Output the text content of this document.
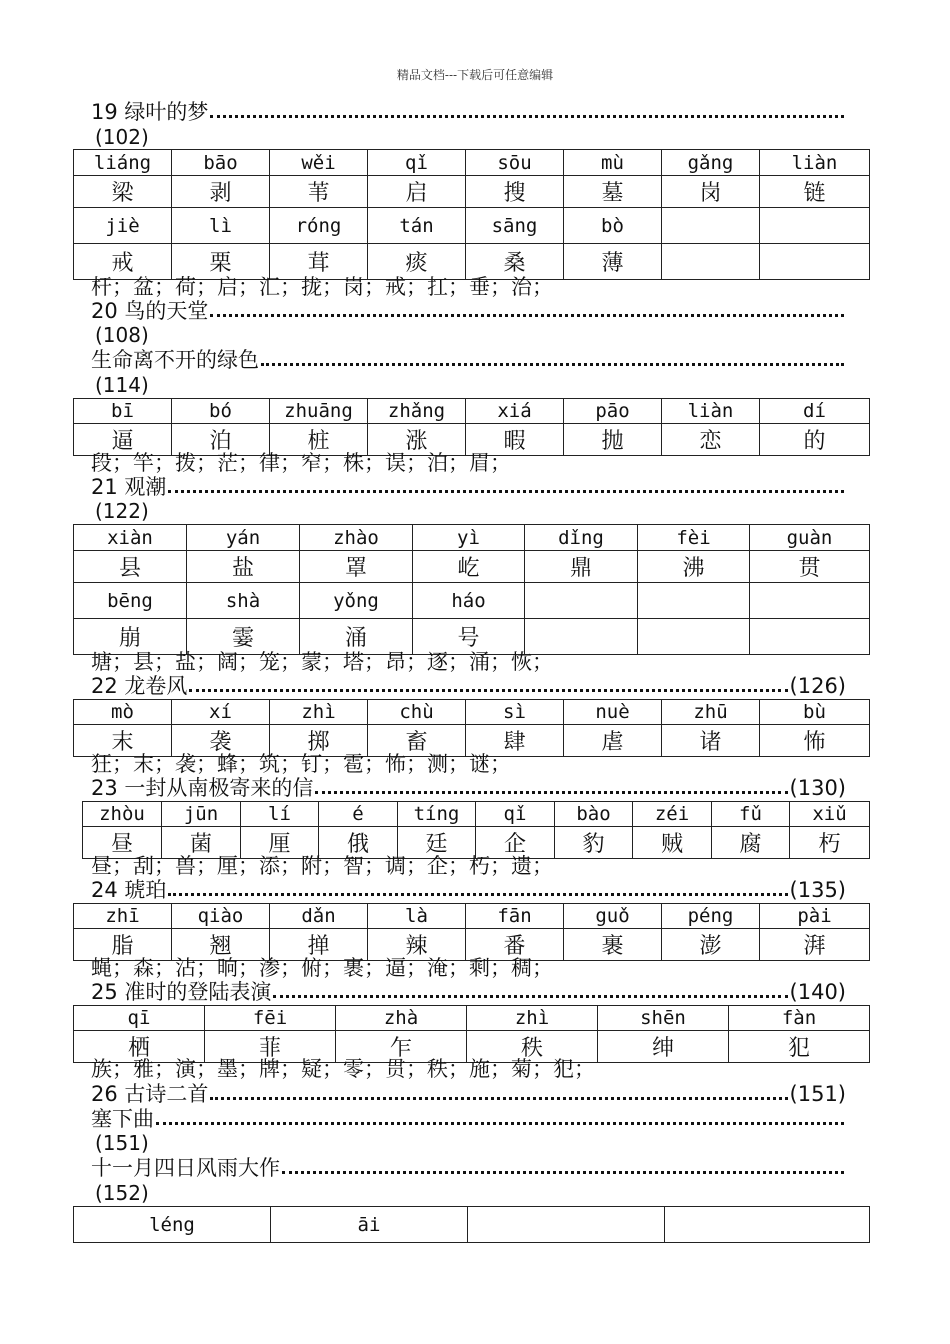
精品文档---下载后可任意编辑
19 绿叶的梦
(102)
liáng	bāo	wěi	qǐ	sōu	mù	gǎng	liàn
梁	剥	苇	启	搜	墓	岗	链
jiè	lì	róng	tán	sāng	bò		
戒	栗	茸	痰	桑	薄		
杆；盆；荷；启；汇；拢；岗；戒；扛；垂；治；
20 鸟的天堂
(108)
生命离不开的绿色
(114)
bī	bó	zhuāng	zhǎng	xiá	pāo	liàn	dí
逼	泊	桩	涨	暇	抛	恋	的
段；竿；拨；茫；律；窄；株；误；泊；眉；
21 观潮
(122)
xiàn	yán	zhào	yì	dǐng	fèi	guàn
县	盐	罩	屹	鼎	沸	贯
bēng	shà	yǒng	háo			
崩	霎	涌	号			
塘；县；盐；阔；笼；蒙；塔；昂；逐；涌；恢；
22 龙卷风	(126)
mò	xí	zhì	chù	sì	nuè	zhū	bù
末	袭	掷	畜	肆	虐	诸	怖
狂；末；袭；蜂；筑；钉；雹；怖；测；谜；
23 一封从南极寄来的信	(130)
zhòu	jūn	lí	é	tíng	qǐ	bào	zéi	fǔ	xiǔ
昼	菌	厘	俄	廷	企	豹	贼	腐	朽
昼；刮；兽；厘；添；附；智；调；企；朽；遗；
24 琥珀	(135)
zhī	qiào	dǎn	là	fān	guǒ	péng	pài
脂	翘	掸	辣	番	裹	澎	湃
蝇；森；沾；晌；渗；俯；裹；逼；淹；剩；稠；
25 准时的登陆表演	(140)
qī	fēi	zhà	zhì	shēn	fàn
栖	菲	乍	秩	绅	犯
族；雅；演；墨；牌；疑；零；贯；秩；施；菊；犯；
26 古诗二首	(151)
塞下曲
(151)
十一月四日风雨大作
(152)
léng	āi		
